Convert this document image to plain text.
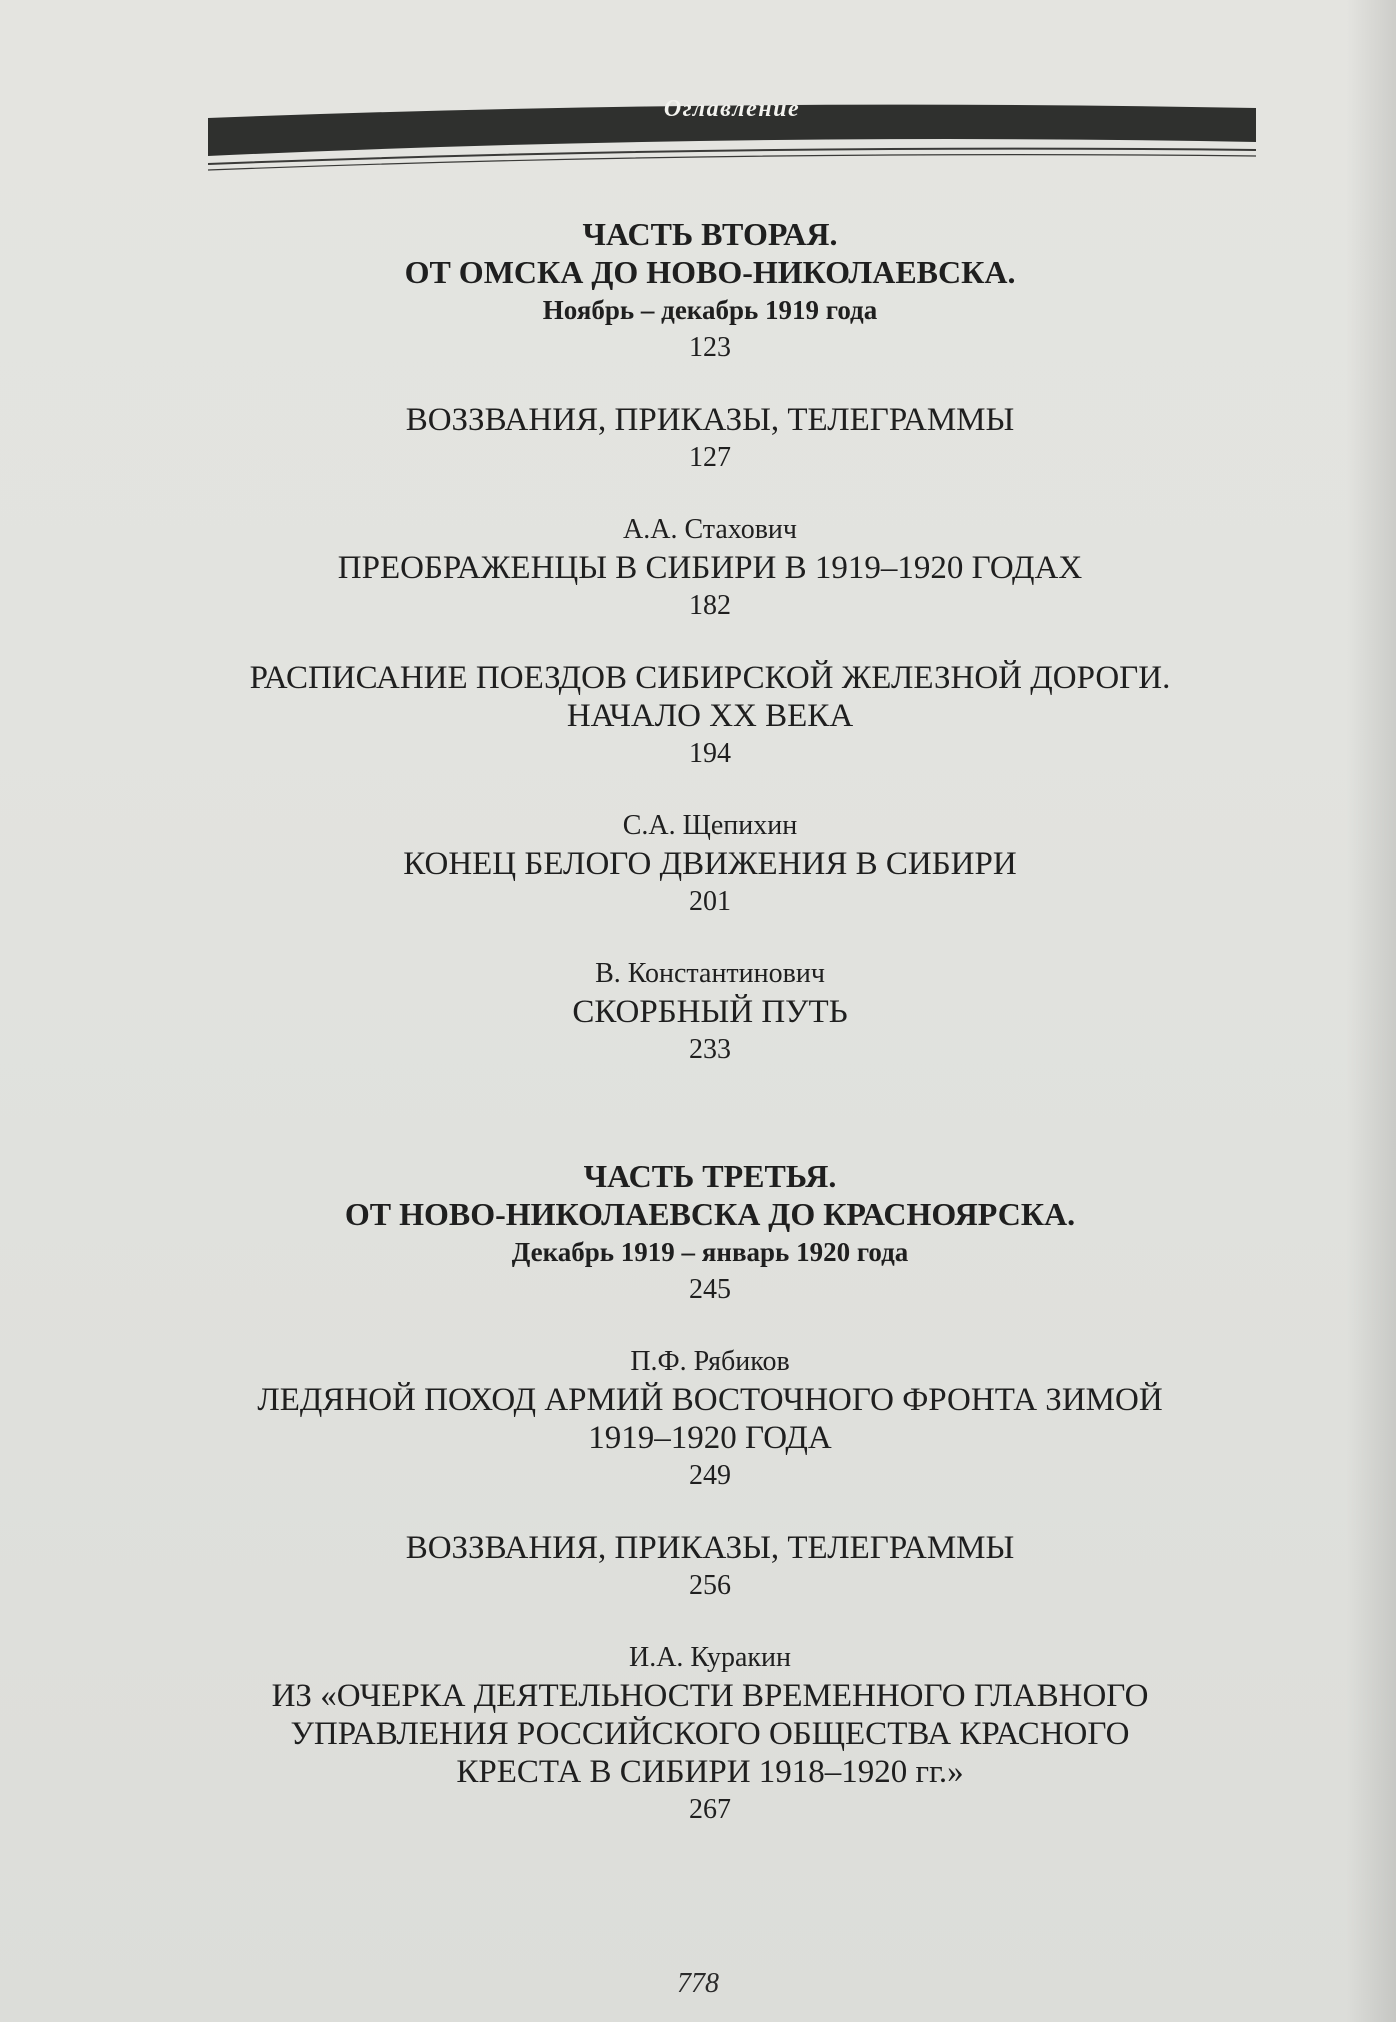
Оглавление
ЧАСТЬ ВТОРАЯ.
ОТ ОМСКА ДО НОВО-НИКОЛАЕВСКА.
Ноябрь – декабрь 1919 года
123
ВОЗЗВАНИЯ, ПРИКАЗЫ, ТЕЛЕГРАММЫ
127
А.А. Стахович
ПРЕОБРАЖЕНЦЫ В СИБИРИ В 1919–1920 ГОДАХ
182
РАСПИСАНИЕ ПОЕЗДОВ СИБИРСКОЙ ЖЕЛЕЗНОЙ ДОРОГИ.
НАЧАЛО XX ВЕКА
194
С.А. Щепихин
КОНЕЦ БЕЛОГО ДВИЖЕНИЯ В СИБИРИ
201
В. Константинович
СКОРБНЫЙ ПУТЬ
233
ЧАСТЬ ТРЕТЬЯ.
ОТ НОВО-НИКОЛАЕВСКА ДО КРАСНОЯРСКА.
Декабрь 1919 – январь 1920 года
245
П.Ф. Рябиков
ЛЕДЯНОЙ ПОХОД АРМИЙ ВОСТОЧНОГО ФРОНТА ЗИМОЙ
1919–1920 ГОДА
249
ВОЗЗВАНИЯ, ПРИКАЗЫ, ТЕЛЕГРАММЫ
256
И.А. Куракин
ИЗ «ОЧЕРКА ДЕЯТЕЛЬНОСТИ ВРЕМЕННОГО ГЛАВНОГО
УПРАВЛЕНИЯ РОССИЙСКОГО ОБЩЕСТВА КРАСНОГО
КРЕСТА В СИБИРИ 1918–1920 гг.»
267
778
